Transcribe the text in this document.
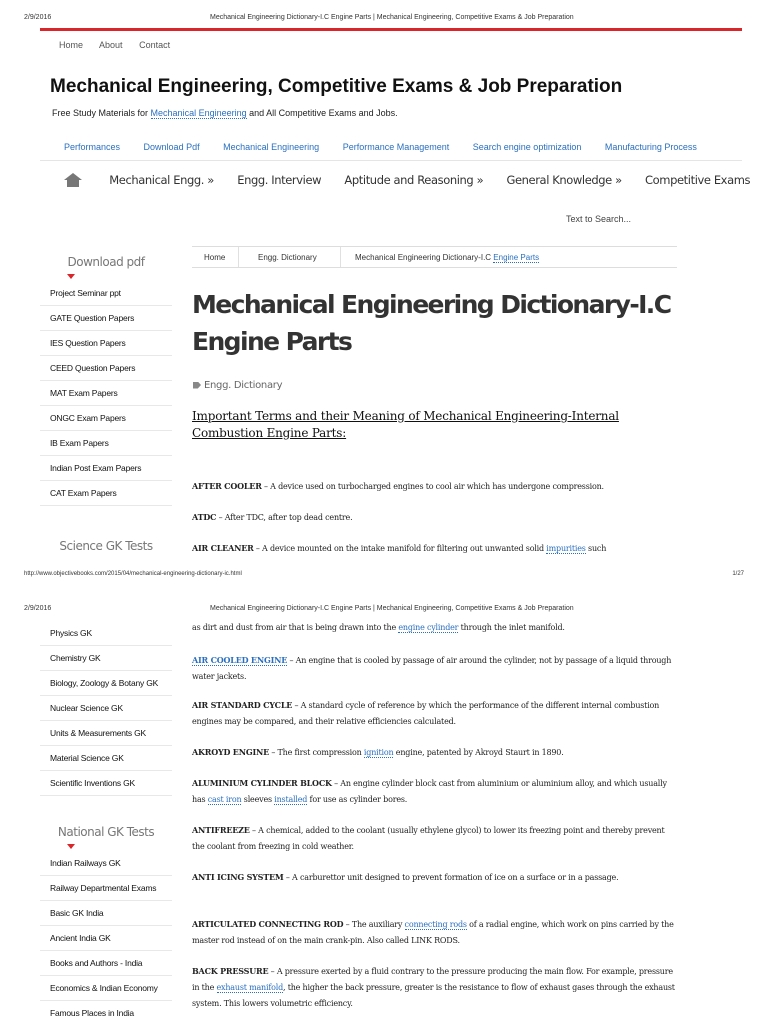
2/9/2016	Mechanical Engineering Dictionary-I.C Engine Parts | Mechanical Engineering, Competitive Exams & Job Preparation
Home About Contact
Mechanical Engineering, Competitive Exams & Job Preparation
Free Study Materials for Mechanical Engineering and All Competitive Exams and Jobs.
Performances	Download Pdf	Mechanical Engineering	Performance Management	Search engine optimization	Manufacturing Process
Mechanical Engg. » Engg. Interview Aptitude and Reasoning » General Knowledge » Competitive Exams
Text to Search...
Download pdf
Project Seminar ppt
GATE Question Papers
IES Question Papers
CEED Question Papers
MAT Exam Papers
ONGC Exam Papers
IB Exam Papers
Indian Post Exam Papers
CAT Exam Papers
Science GK Tests
Home	Engg. Dictionary	Mechanical Engineering Dictionary-I.C Engine Parts
Mechanical Engineering Dictionary-I.C Engine Parts
Engg. Dictionary
Important Terms and their Meaning of Mechanical Engineering-Internal Combustion Engine Parts:
AFTER COOLER – A device used on turbocharged engines to cool air which has undergone compression.
ATDC – After TDC, after top dead centre.
AIR CLEANER – A device mounted on the intake manifold for filtering out unwanted solid impurities such
http://www.objectivebooks.com/2015/04/mechanical-engineering-dictionary-ic.html	1/27
2/9/2016	Mechanical Engineering Dictionary-I.C Engine Parts | Mechanical Engineering, Competitive Exams & Job Preparation
Physics GK
Chemistry GK
Biology, Zoology & Botany GK
Nuclear Science GK
Units & Measurements GK
Material Science GK
Scientific Inventions GK
National GK Tests
Indian Railways GK
Railway Departmental Exams
Basic GK India
Ancient India GK
Books and Authors - India
Economics & Indian Economy
Famous Places in India
as dirt and dust from air that is being drawn into the engine cylinder through the inlet manifold.
AIR COOLED ENGINE – An engine that is cooled by passage of air around the cylinder, not by passage of a liquid through water jackets.
AIR STANDARD CYCLE – A standard cycle of reference by which the performance of the different internal combustion engines may be compared, and their relative efficiencies calculated.
AKROYD ENGINE – The first compression ignition engine, patented by Akroyd Staurt in 1890.
ALUMINIUM CYLINDER BLOCK – An engine cylinder block cast from aluminium or aluminium alloy, and which usually has cast iron sleeves installed for use as cylinder bores.
ANTIFREEZE – A chemical, added to the coolant (usually ethylene glycol) to lower its freezing point and thereby prevent the coolant from freezing in cold weather.
ANTI ICING SYSTEM – A carburettor unit designed to prevent formation of ice on a surface or in a passage.
ARTICULATED CONNECTING ROD – The auxiliary connecting rods of a radial engine, which work on pins carried by the master rod instead of on the main crank-pin. Also called LINK RODS.
BACK PRESSURE – A pressure exerted by a fluid contrary to the pressure producing the main flow. For example, pressure in the exhaust manifold, the higher the back pressure, greater is the resistance to flow of exhaust gases through the exhaust system. This lowers volumetric efficiency.
